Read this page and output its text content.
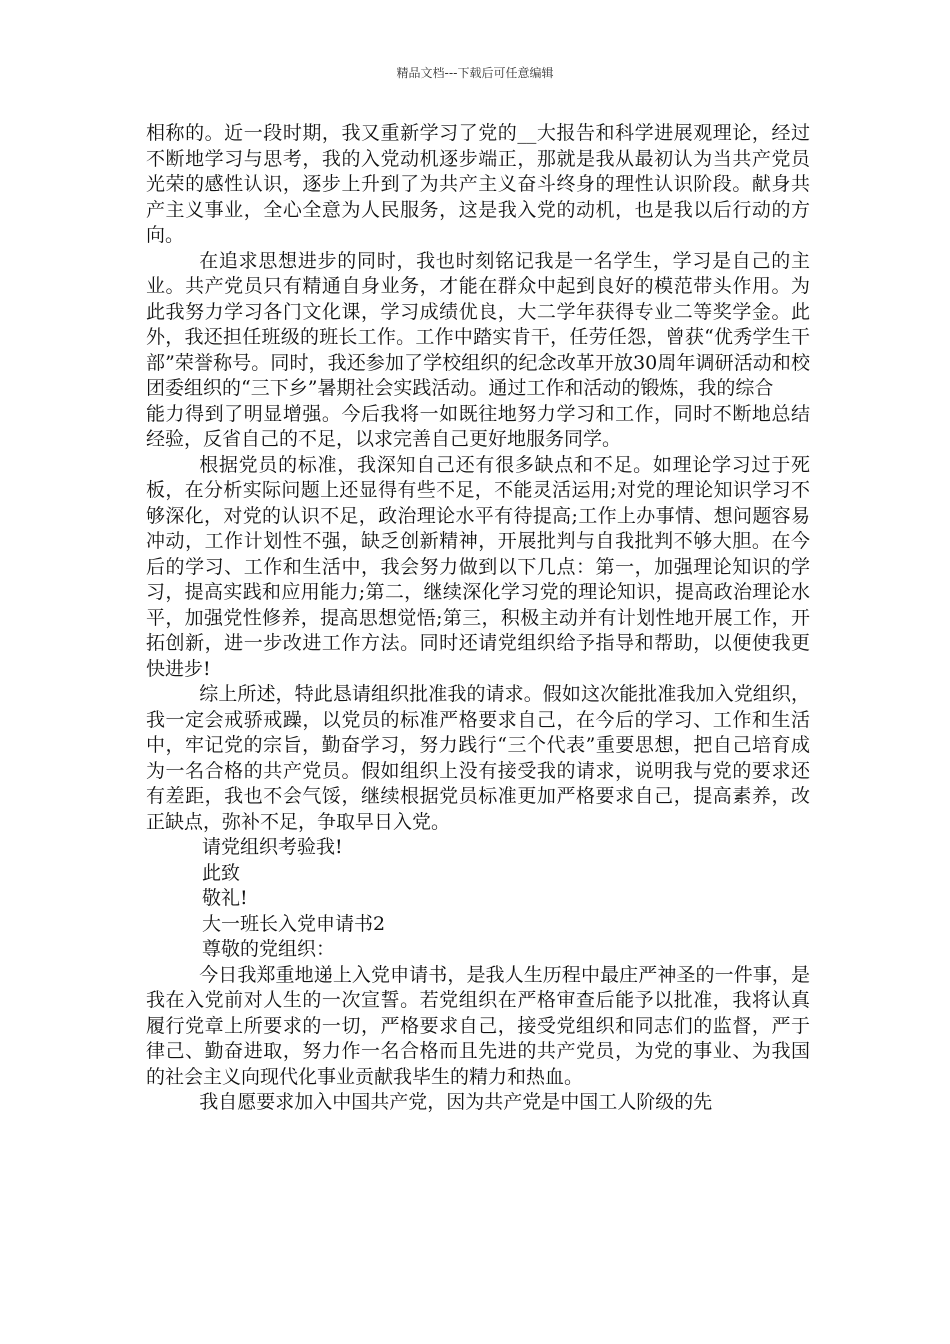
精品文档---下载后可任意编辑

相称的。近一段时期，我又重新学习了党的__大报告和科学进展观理论，经过不断地学习与思考，我的入党动机逐步端正，那就是我从最初认为当共产党员光荣的感性认识，逐步上升到了为共产主义奋斗终身的理性认识阶段。献身共产主义事业，全心全意为人民服务，这是我入党的动机，也是我以后行动的方向。

在追求思想进步的同时，我也时刻铭记我是一名学生，学习是自己的主业。共产党员只有精通自身业务，才能在群众中起到良好的模范带头作用。为此我努力学习各门文化课，学习成绩优良，大二学年获得专业二等奖学金。此外，我还担任班级的班长工作。工作中踏实肯干，任劳任怨，曾获“优秀学生干部”荣誉称号。同时，我还参加了学校组织的纪念改革开放30周年调研活动和校团委组织的“三下乡”暑期社会实践活动。通过工作和活动的锻炼，我的综合

能力得到了明显增强。今后我将一如既往地努力学习和工作，同时不断地总结经验，反省自己的不足，以求完善自己更好地服务同学。

根据党员的标准，我深知自己还有很多缺点和不足。如理论学习过于死板，在分析实际问题上还显得有些不足，不能灵活运用;对党的理论知识学习不够深化，对党的认识不足，政治理论水平有待提高;工作上办事情、想问题容易冲动，工作计划性不强，缺乏创新精神，开展批判与自我批判不够大胆。在今后的学习、工作和生活中，我会努力做到以下几点：第一，加强理论知识的学习，提高实践和应用能力;第二，继续深化学习党的理论知识，提高政治理论水平，加强党性修养，提高思想觉悟;第三，积极主动并有计划性地开展工作，开拓创新，进一步改进工作方法。同时还请党组织给予指导和帮助，以便使我更快进步!

综上所述，特此恳请组织批准我的请求。假如这次能批准我加入党组织，我一定会戒骄戒躁，以党员的标准严格要求自己，在今后的学习、工作和生活中，牢记党的宗旨，勤奋学习，努力践行“三个代表”重要思想，把自己培育成为一名合格的共产党员。假如组织上没有接受我的请求，说明我与党的要求还有差距，我也不会气馁，继续根据党员标准更加严格要求自己，提高素养，改正缺点，弥补不足，争取早日入党。

请党组织考验我!

此致

敬礼!

大一班长入党申请书2

尊敬的党组织：

今日我郑重地递上入党申请书，是我人生历程中最庄严神圣的一件事，是我在入党前对人生的一次宣誓。若党组织在严格审查后能予以批准，我将认真履行党章上所要求的一切，严格要求自己，接受党组织和同志们的监督，严于律己、勤奋进取，努力作一名合格而且先进的共产党员，为党的事业、为我国的社会主义向现代化事业贡献我毕生的精力和热血。

我自愿要求加入中国共产党，因为共产党是中国工人阶级的先
